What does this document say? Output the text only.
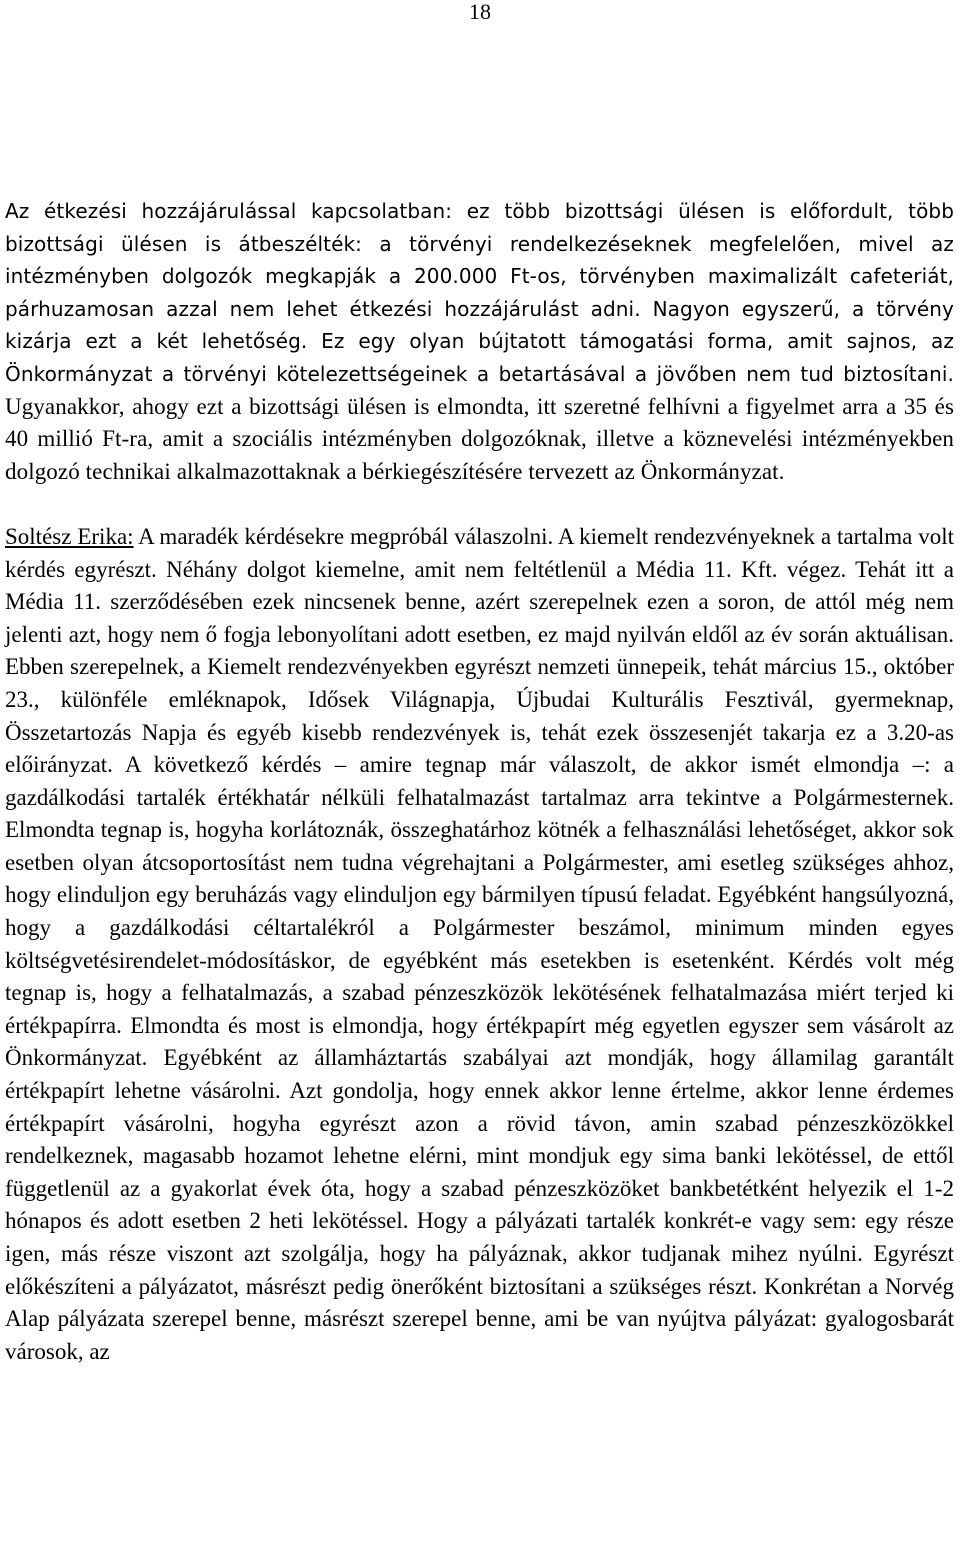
18

Az étkezési hozzájárulással kapcsolatban: ez több bizottsági ülésen is előfordult, több bizottsági ülésen is átbeszélték: a törvényi rendelkezéseknek megfelelően, mivel az intézményben dolgozók megkapják a 200.000 Ft-os, törvényben maximalizált cafeteriát, párhuzamosan azzal nem lehet étkezési hozzájárulást adni. Nagyon egyszerű, a törvény kizárja ezt a két lehetőség. Ez egy olyan bújtatott támogatási forma, amit sajnos, az Önkormányzat a törvényi kötelezettségeinek a betartásával a jövőben nem tud biztosítani. Ugyanakkor, ahogy ezt a bizottsági ülésen is elmondta, itt szeretné felhívni a figyelmet arra a 35 és 40 millió Ft-ra, amit a szociális intézményben dolgozóknak, illetve a köznevelési intézményekben dolgozó technikai alkalmazottaknak a bérkiegészítésére tervezett az Önkormányzat.

Soltész Erika: A maradék kérdésekre megpróbál válaszolni. A kiemelt rendezvényeknek a tartalma volt kérdés egyrészt. Néhány dolgot kiemelne, amit nem feltétlenül a Média 11. Kft. végez. Tehát itt a Média 11. szerződésében ezek nincsenek benne, azért szerepelnek ezen a soron, de attól még nem jelenti azt, hogy nem ő fogja lebonyolítani adott esetben, ez majd nyilván eldől az év során aktuálisan. Ebben szerepelnek, a Kiemelt rendezvényekben egyrészt nemzeti ünnepeik, tehát március 15., október 23., különféle emléknapok, Idősek Világnapja, Újbudai Kulturális Fesztivál, gyermeknap, Összetartozás Napja és egyéb kisebb rendezvények is, tehát ezek összesenjét takarja ez a 3.20-as előirányzat. A következő kérdés – amire tegnap már válaszolt, de akkor ismét elmondja –: a gazdálkodási tartalék értékhatár nélküli felhatalmazást tartalmaz arra tekintve a Polgármesternek. Elmondta tegnap is, hogyha korlátoznák, összeghatárhoz kötnék a felhasználási lehetőséget, akkor sok esetben olyan átcsoportosítást nem tudna végrehajtani a Polgármester, ami esetleg szükséges ahhoz, hogy elinduljon egy beruházás vagy elinduljon egy bármilyen típusú feladat. Egyébként hangsúlyozná, hogy a gazdálkodási céltartalékról a Polgármester beszámol, minimum minden egyes költségvetésirendelet-módosításkor, de egyébként más esetekben is esetenként. Kérdés volt még tegnap is, hogy a felhatalmazás, a szabad pénzeszközök lekötésének felhatalmazása miért terjed ki értékpapírra. Elmondta és most is elmondja, hogy értékpapírt még egyetlen egyszer sem vásárolt az Önkormányzat. Egyébként az államháztartás szabályai azt mondják, hogy államilag garantált értékpapírt lehetne vásárolni. Azt gondolja, hogy ennek akkor lenne értelme, akkor lenne érdemes értékpapírt vásárolni, hogyha egyrészt azon a rövid távon, amin szabad pénzeszközökkel rendelkeznek, magasabb hozamot lehetne elérni, mint mondjuk egy sima banki lekötéssel, de ettől függetlenül az a gyakorlat évek óta, hogy a szabad pénzeszközöket bankbetétként helyezik el 1-2 hónapos és adott esetben 2 heti lekötéssel. Hogy a pályázati tartalék konkrét-e vagy sem: egy része igen, más része viszont azt szolgálja, hogy ha pályáznak, akkor tudjanak mihez nyúlni. Egyrészt előkészíteni a pályázatot, másrészt pedig önerőként biztosítani a szükséges részt. Konkrétan a Norvég Alap pályázata szerepel benne, másrészt szerepel benne, ami be van nyújtva pályázat: gyalogosbarát városok, az
